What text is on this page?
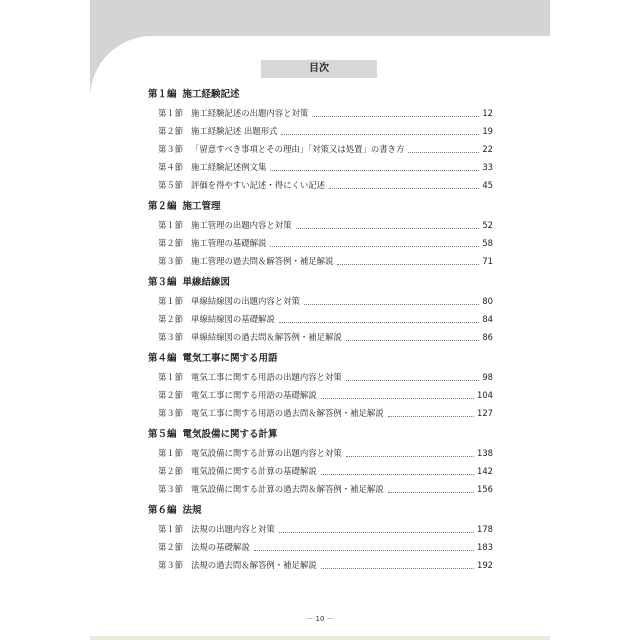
目次
第１編 施工経験記述
第１節 施工経験記述の出題内容と対策	12
第２節 施工経験記述 出題形式	19
第３節 「留意すべき事項とその理由」「対策又は処置」の書き方	22
第４節 施工経験記述例文集	33
第５節 評価を得やすい記述・得にくい記述	45
第２編 施工管理
第１節 施工管理の出題内容と対策	52
第２節 施工管理の基礎解説	58
第３節 施工管理の過去問＆解答例・補足解説	71
第３編 単線結線図
第１節 単線結線図の出題内容と対策	80
第２節 単線結線図の基礎解説	84
第３節 単線結線図の過去問＆解答例・補足解説	86
第４編 電気工事に関する用語
第１節 電気工事に関する用語の出題内容と対策	98
第２節 電気工事に関する用語の基礎解説	104
第３節 電気工事に関する用語の過去問＆解答例・補足解説	127
第５編 電気設備に関する計算
第１節 電気設備に関する計算の出題内容と対策	138
第２節 電気設備に関する計算の基礎解説	142
第３節 電気設備に関する計算の過去問＆解答例・補足解説	156
第６編 法規
第１節 法規の出題内容と対策	178
第２節 法規の基礎解説	183
第３節 法規の過去問＆解答例・補足解説	192
－ 10 －
